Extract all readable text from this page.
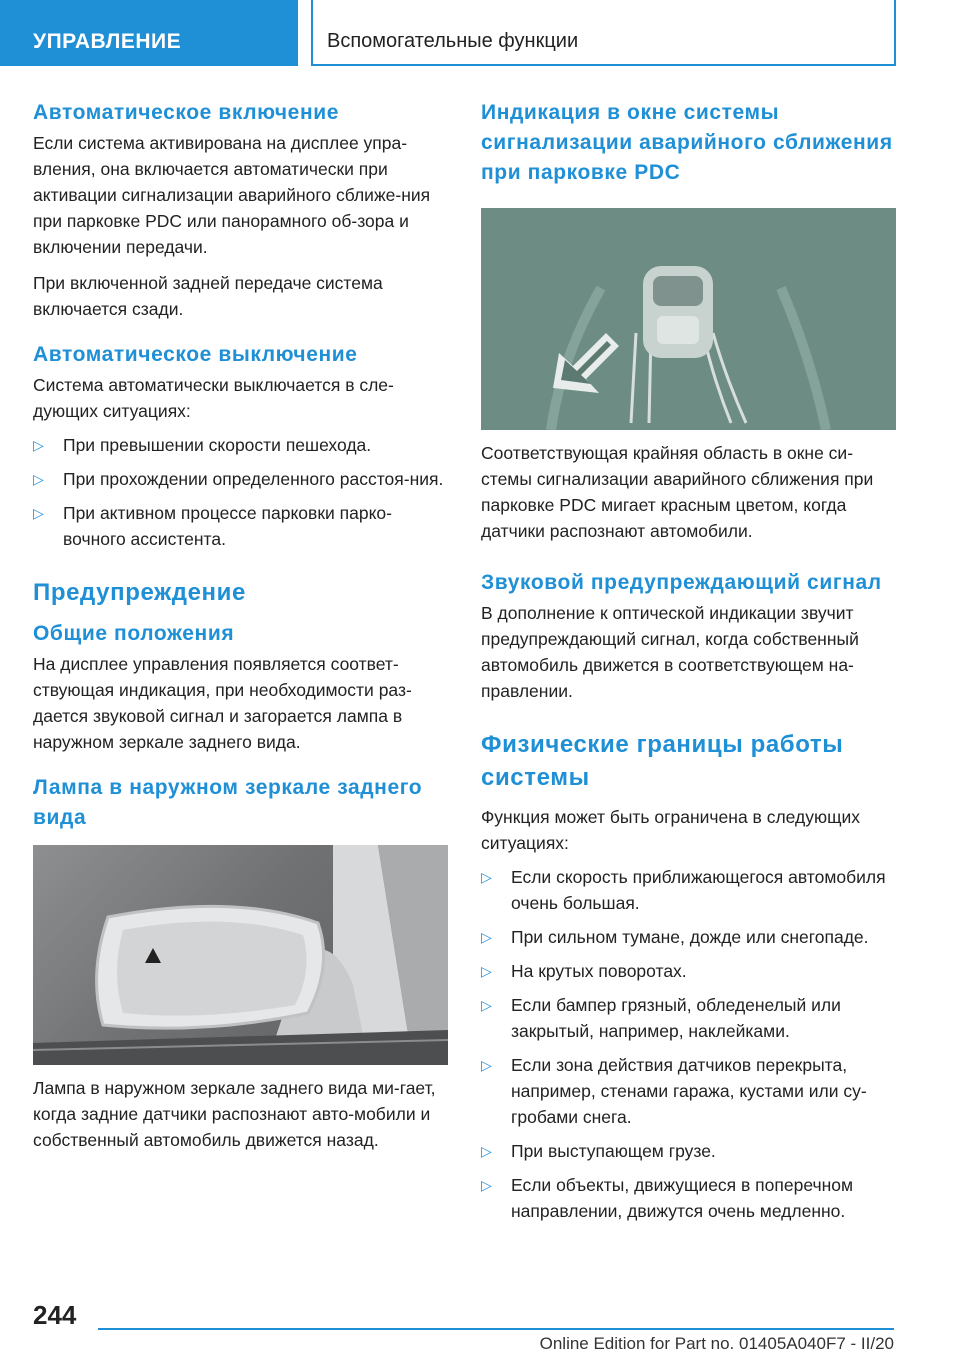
УПРАВЛЕНИЕ	Вспомогательные функции
Автоматическое включение

Если система активирована на дисплее упра-вления, она включается автоматически при активации сигнализации аварийного сближе-ния при парковке PDC или панорамного об-зора и включении передачи.

При включенной задней передаче система включается сзади.

Автоматическое выключение

Система автоматически выключается в сле-дующих ситуациях:

▷ При превышении скорости пешехода.
▷ При прохождении определенного расстоя-ния.
▷ При активном процессе парковки парко-вочного ассистента.
Предупреждение
Общие положения

На дисплее управления появляется соответ-ствующая индикация, при необходимости раз-дается звуковой сигнал и загорается лампа в наружном зеркале заднего вида.

Лампа в наружном зеркале заднего вида

Лампа в наружном зеркале заднего вида ми-гает, когда задние датчики распознают авто-мобили и собственный автомобиль движется назад.

Индикация в окне системы сигнализации аварийного сближения при парковке PDC

Соответствующая крайняя область в окне си-стемы сигнализации аварийного сближения при парковке PDC мигает красным цветом, когда датчики распознают автомобили.

Звуковой предупреждающий сигнал

В дополнение к оптической индикации звучит предупреждающий сигнал, когда собственный автомобиль движется в соответствующем на-правлении.

Физические границы работы системы

Функция может быть ограничена в следующих ситуациях:

▷ Если скорость приближающегося автомобиля очень большая.
▷ При сильном тумане, дожде или снегопаде.
▷ На крутых поворотах.
▷ Если бампер грязный, обледенелый или закрытый, например, наклейками.
▷ Если зона действия датчиков перекрыта, например, стенами гаража, кустами или су-гробами снега.
▷ При выступающем грузе.
▷ Если объекты, движущиеся в поперечном направлении, движутся очень медленно.
244
Online Edition for Part no. 01405A040F7 - II/20
